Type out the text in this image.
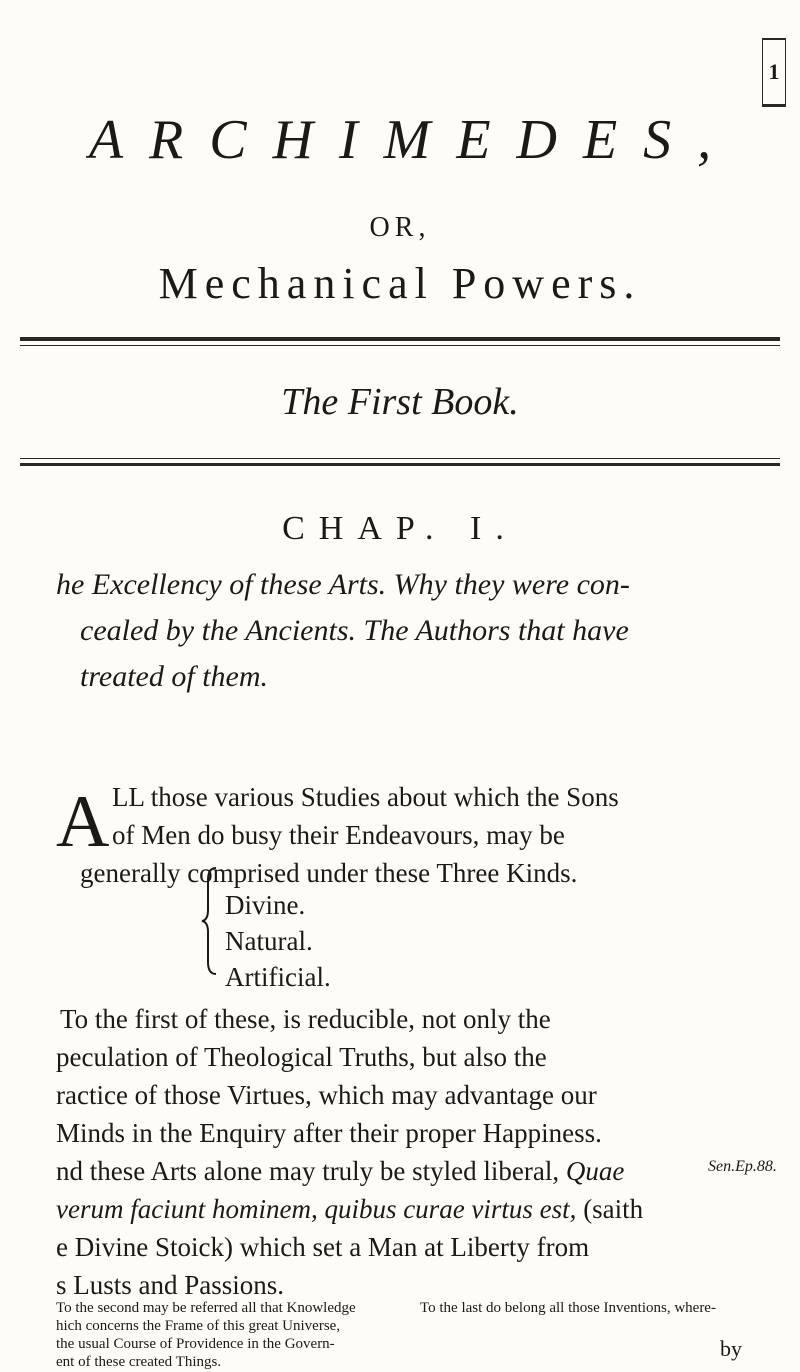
1
ARCHIMEDES,
OR,
Mechanical Powers.
The First Book.
CHAP. I.
he Excellency of these Arts. Why they were con-
cealed by the Ancients. The Authors that have
treated of them.
A LL those various Studies about which the Sons
of Men do busy their Endeavours, may be
generally comprised under these Three Kinds.
Divine.
Natural.
Artificial.
To the first of these, is reducible, not only the
peculation of Theological Truths, but also the
ractice of those Virtues, which may advantage our
Minds in the Enquiry after their proper Happiness.
nd these Arts alone may truly be styled liberal, Quae	Sen.Ep.88.
verum faciunt hominem, quibus curae virtus est, (saith
e Divine Stoick) which set a Man at Liberty from
s Lusts and Passions.
To the second may be referred all that Knowledge
hich concerns the Frame of this great Universe,
the usual Course of Providence in the Govern-
ent of these created Things.
To the last do belong all those Inventions, where-
by
